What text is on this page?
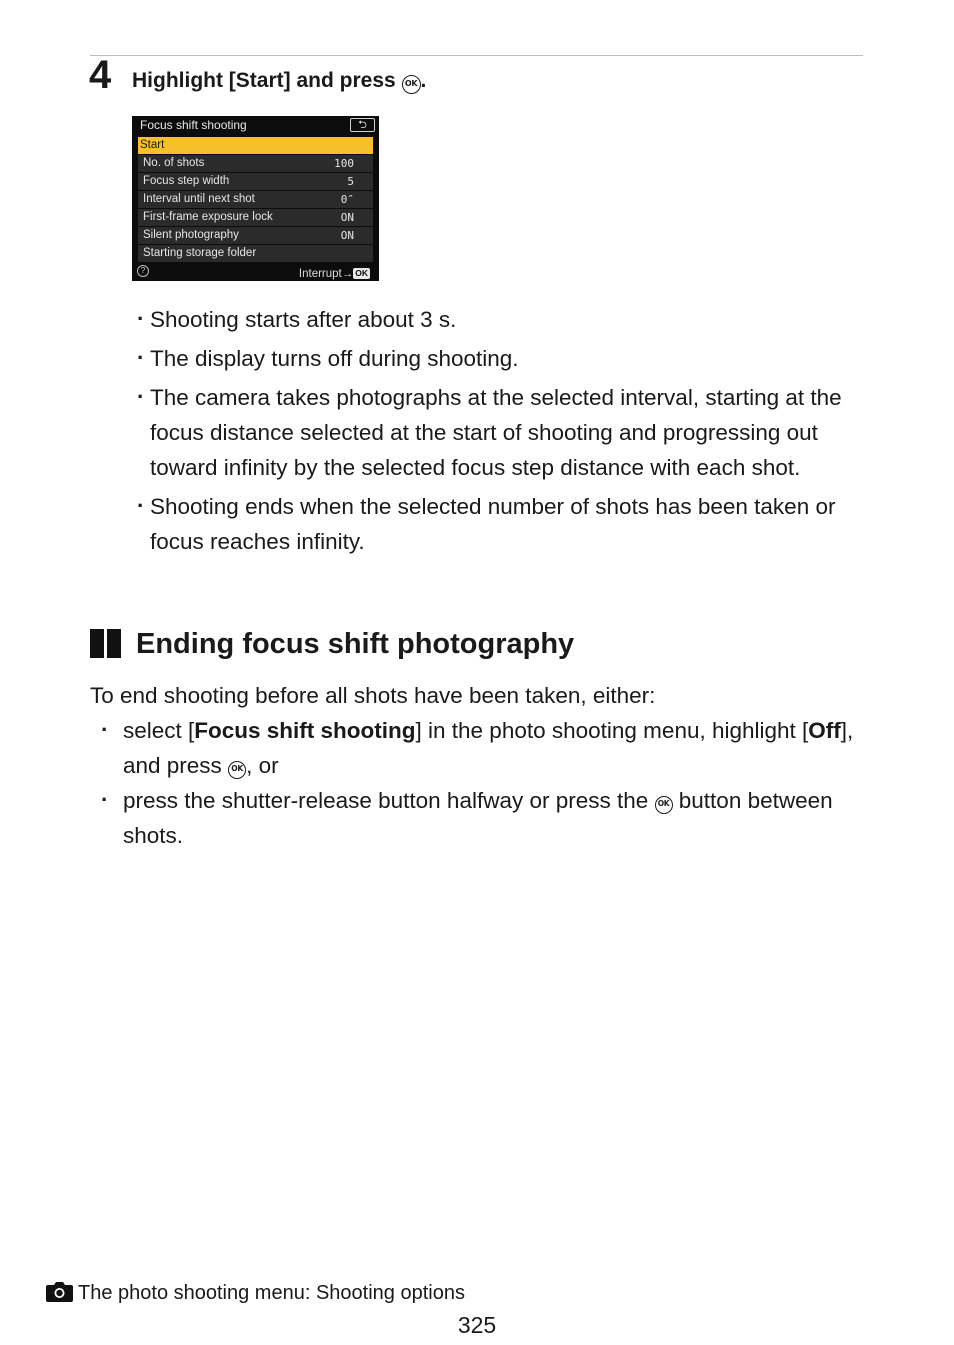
4 Highlight [Start] and press OK .
Focus shift shooting	⮌
Start
No. of shots	100
Focus step width	5
Interval until next shot	0″
First-frame exposure lock	ON
Silent photography	ON
Starting storage folder
?	Interrupt→ OK
· Shooting starts after about 3 s.
· The display turns off during shooting.
· The camera takes photographs at the selected interval, starting at the focus distance selected at the start of shooting and progressing out toward infinity by the selected focus step distance with each shot.
· Shooting ends when the selected number of shots has been taken or focus reaches infinity.
Ending focus shift photography
To end shooting before all shots have been taken, either:
· select [Focus shift shooting] in the photo shooting menu, highlight [Off], and press OK , or
· press the shutter-release button halfway or press the OK button between shots.
The photo shooting menu: Shooting options
325
